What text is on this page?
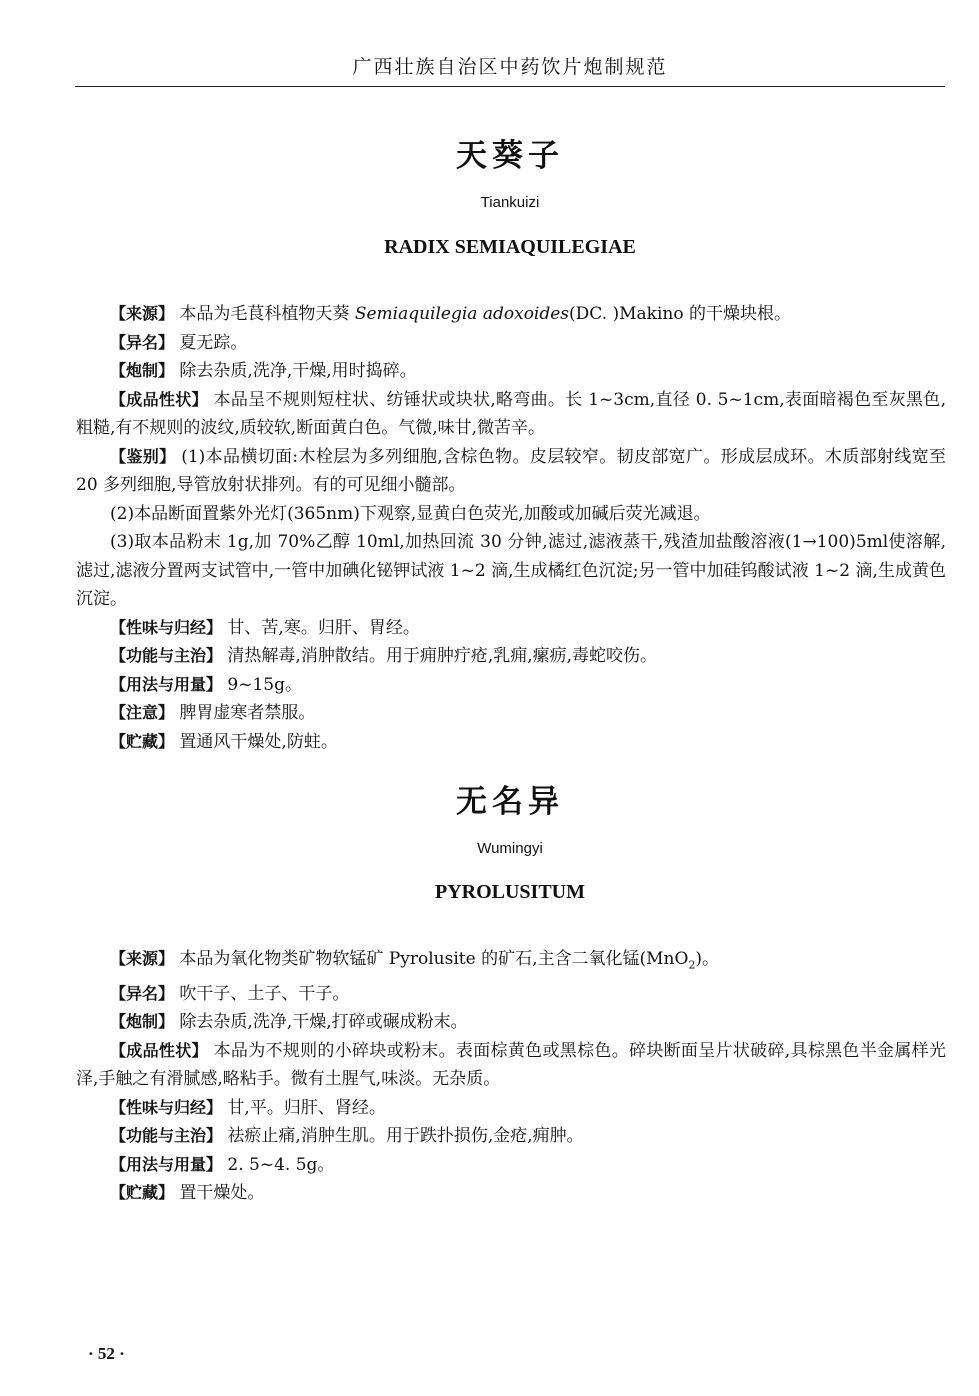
广西壮族自治区中药饮片炮制规范
天葵子
Tiankuizi
RADIX SEMIAQUILEGIAE

【来源】 本品为毛茛科植物天葵 Semiaquilegia adoxoides(DC. )Makino 的干燥块根。

【异名】 夏无踪。

【炮制】 除去杂质,洗净,干燥,用时捣碎。

【成品性状】 本品呈不规则短柱状、纺锤状或块状,略弯曲。长 1~3cm,直径 0. 5~1cm,表面暗褐色至灰黑色,粗糙,有不规则的波纹,质较软,断面黄白色。气微,味甘,微苦辛。

【鉴别】 (1)本品横切面:木栓层为多列细胞,含棕色物。皮层较窄。韧皮部宽广。形成层成环。木质部射线宽至 20 多列细胞,导管放射状排列。有的可见细小髓部。

(2)本品断面置紫外光灯(365nm)下观察,显黄白色荧光,加酸或加碱后荧光减退。

(3)取本品粉末 1g,加 70%乙醇 10ml,加热回流 30 分钟,滤过,滤液蒸干,残渣加盐酸溶液(1→100)5ml使溶解,滤过,滤液分置两支试管中,一管中加碘化铋钾试液 1~2 滴,生成橘红色沉淀;另一管中加硅钨酸试液 1~2 滴,生成黄色沉淀。

【性味与归经】 甘、苦,寒。归肝、胃经。

【功能与主治】 清热解毒,消肿散结。用于痈肿疔疮,乳痈,瘰疬,毒蛇咬伤。

【用法与用量】 9~15g。

【注意】 脾胃虚寒者禁服。

【贮藏】 置通风干燥处,防蛀。

无名异
Wumingyi
PYROLUSITUM

【来源】 本品为氧化物类矿物软锰矿 Pyrolusite 的矿石,主含二氧化锰(MnO$_2$)。

【异名】 吹干子、土子、干子。

【炮制】 除去杂质,洗净,干燥,打碎或碾成粉末。

【成品性状】 本品为不规则的小碎块或粉末。表面棕黄色或黑棕色。碎块断面呈片状破碎,具棕黑色半金属样光泽,手触之有滑腻感,略粘手。微有土腥气,味淡。无杂质。

【性味与归经】 甘,平。归肝、肾经。

【功能与主治】 祛瘀止痛,消肿生肌。用于跌扑损伤,金疮,痈肿。

【用法与用量】 2. 5~4. 5g。

【贮藏】 置干燥处。

· 52 ·
